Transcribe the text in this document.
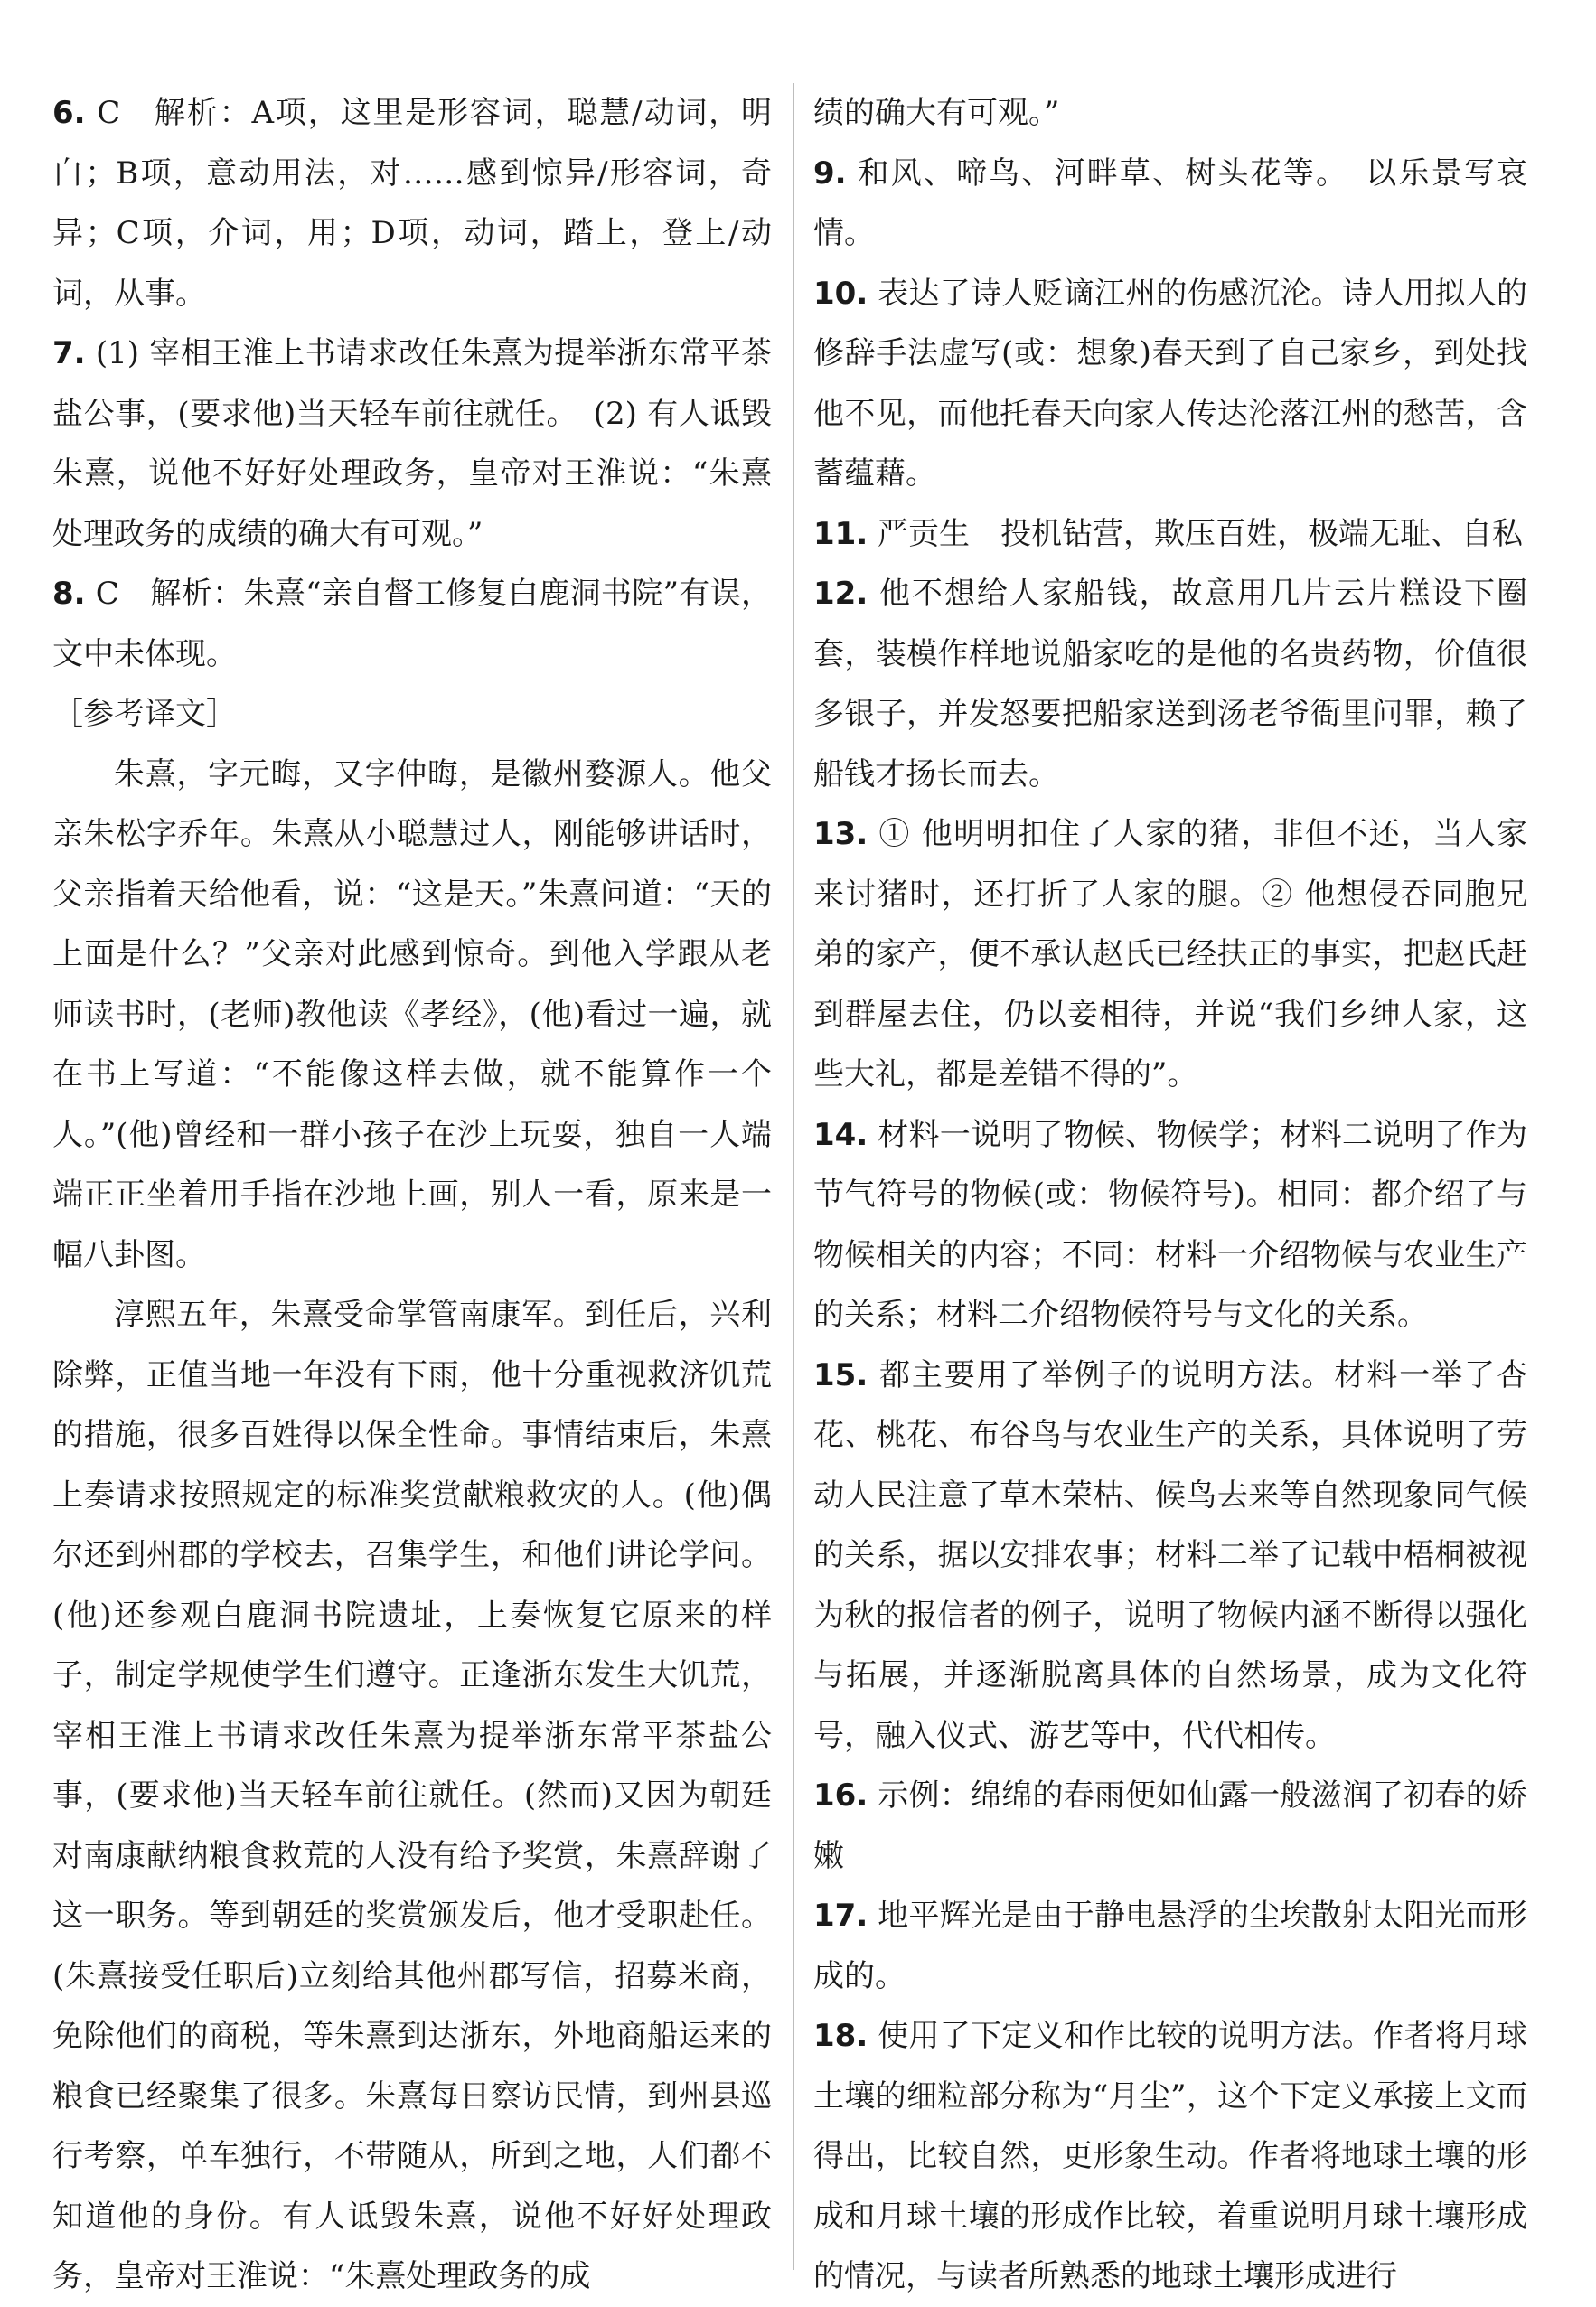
6. C　解析：A项，这里是形容词，聪慧/动词，明白；B项，意动用法，对……感到惊异/形容词，奇异；C项，介词，用；D项，动词，踏上，登上/动词，从事。

7. (1) 宰相王淮上书请求改任朱熹为提举浙东常平茶盐公事，(要求他)当天轻车前往就任。　(2) 有人诋毁朱熹，说他不好好处理政务，皇帝对王淮说：“朱熹处理政务的成绩的确大有可观。”

8. C　解析：朱熹“亲自督工修复白鹿洞书院”有误，文中未体现。

［参考译文］

朱熹，字元晦，又字仲晦，是徽州婺源人。他父亲朱松字乔年。朱熹从小聪慧过人，刚能够讲话时，父亲指着天给他看，说：“这是天。”朱熹问道：“天的上面是什么？”父亲对此感到惊奇。到他入学跟从老师读书时，(老师)教他读《孝经》，(他)看过一遍，就在书上写道：“不能像这样去做，就不能算作一个人。”(他)曾经和一群小孩子在沙上玩耍，独自一人端端正正坐着用手指在沙地上画，别人一看，原来是一幅八卦图。

淳熙五年，朱熹受命掌管南康军。到任后，兴利除弊，正值当地一年没有下雨，他十分重视救济饥荒的措施，很多百姓得以保全性命。事情结束后，朱熹上奏请求按照规定的标准奖赏献粮救灾的人。(他)偶尔还到州郡的学校去，召集学生，和他们讲论学问。(他)还参观白鹿洞书院遗址，上奏恢复它原来的样子，制定学规使学生们遵守。正逢浙东发生大饥荒，宰相王淮上书请求改任朱熹为提举浙东常平茶盐公事，(要求他)当天轻车前往就任。(然而)又因为朝廷对南康献纳粮食救荒的人没有给予奖赏，朱熹辞谢了这一职务。等到朝廷的奖赏颁发后，他才受职赴任。(朱熹接受任职后)立刻给其他州郡写信，招募米商，免除他们的商税，等朱熹到达浙东，外地商船运来的粮食已经聚集了很多。朱熹每日察访民情，到州县巡行考察，单车独行，不带随从，所到之地，人们都不知道他的身份。有人诋毁朱熹，说他不好好处理政务，皇帝对王淮说：“朱熹处理政务的成

绩的确大有可观。”

9. 和风、啼鸟、河畔草、树头花等。　以乐景写哀情。

10. 表达了诗人贬谪江州的伤感沉沦。诗人用拟人的修辞手法虚写(或：想象)春天到了自己家乡，到处找他不见，而他托春天向家人传达沦落江州的愁苦，含蓄蕴藉。

11. 严贡生　投机钻营，欺压百姓，极端无耻、自私

12. 他不想给人家船钱，故意用几片云片糕设下圈套，装模作样地说船家吃的是他的名贵药物，价值很多银子，并发怒要把船家送到汤老爷衙里问罪，赖了船钱才扬长而去。

13. ① 他明明扣住了人家的猪，非但不还，当人家来讨猪时，还打折了人家的腿。② 他想侵吞同胞兄弟的家产，便不承认赵氏已经扶正的事实，把赵氏赶到群屋去住，仍以妾相待，并说“我们乡绅人家，这些大礼，都是差错不得的”。

14. 材料一说明了物候、物候学；材料二说明了作为节气符号的物候(或：物候符号)。相同：都介绍了与物候相关的内容；不同：材料一介绍物候与农业生产的关系；材料二介绍物候符号与文化的关系。

15. 都主要用了举例子的说明方法。材料一举了杏花、桃花、布谷鸟与农业生产的关系，具体说明了劳动人民注意了草木荣枯、候鸟去来等自然现象同气候的关系，据以安排农事；材料二举了记载中梧桐被视为秋的报信者的例子，说明了物候内涵不断得以强化与拓展，并逐渐脱离具体的自然场景，成为文化符号，融入仪式、游艺等中，代代相传。

16. 示例：绵绵的春雨便如仙露一般滋润了初春的娇嫩

17. 地平辉光是由于静电悬浮的尘埃散射太阳光而形成的。

18. 使用了下定义和作比较的说明方法。作者将月球土壤的细粒部分称为“月尘”，这个下定义承接上文而得出，比较自然，更形象生动。作者将地球土壤的形成和月球土壤的形成作比较，着重说明月球土壤形成的情况，与读者所熟悉的地球土壤形成进行
